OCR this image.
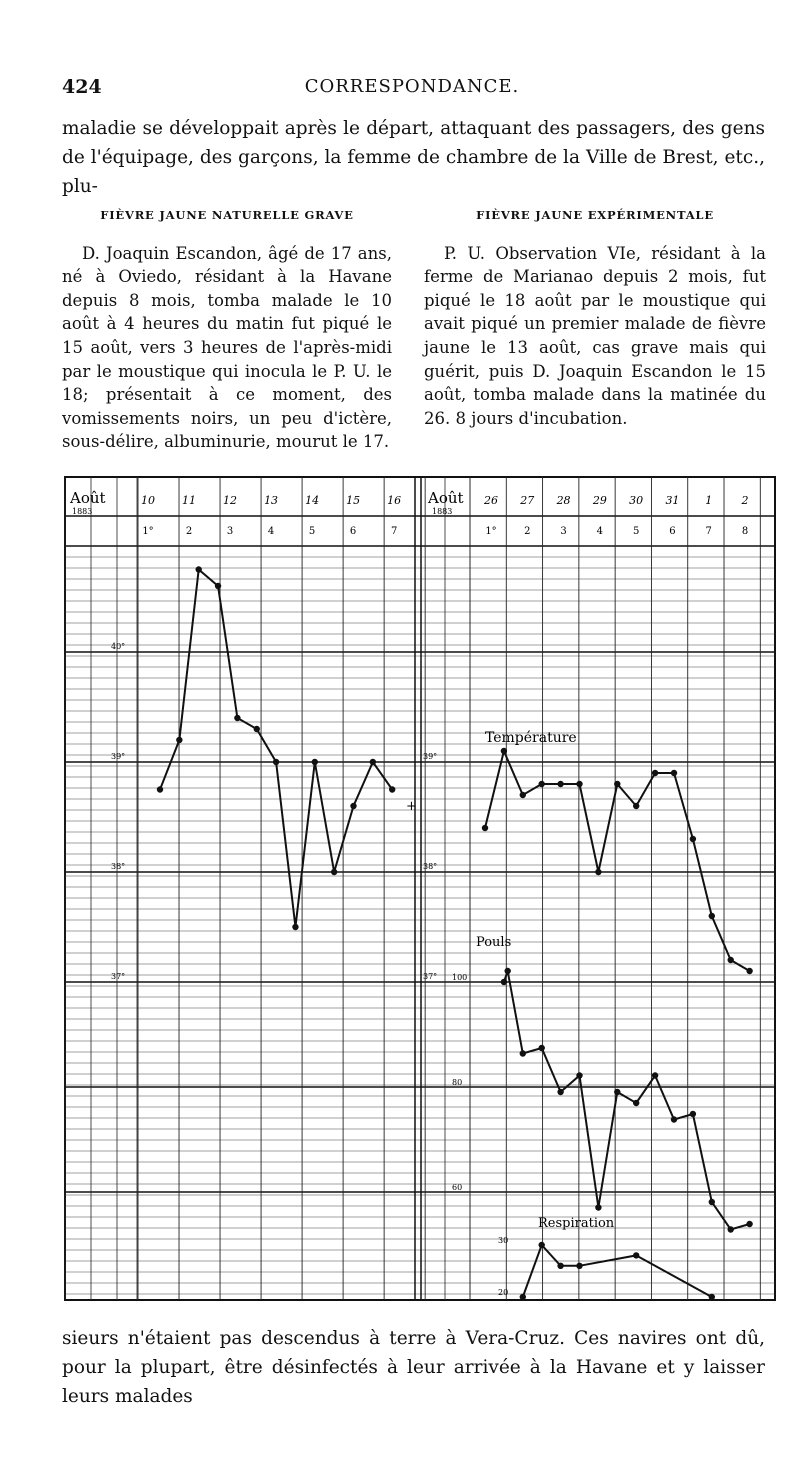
424	CORRESPONDANCE.
maladie se développait après le départ, attaquant des passagers, des gens de l'équipage, des garçons, la femme de chambre de la Ville de Brest, etc., plu-
FIÈVRE JAUNE NATURELLE GRAVE
D. Joaquin Escandon, âgé de 17 ans, né à Oviedo, résidant à la Havane depuis 8 mois, tomba malade le 10 août à 4 heures du matin fut piqué le 15 août, vers 3 heures de l'après-midi par le moustique qui inocula le P. U. le 18; présentait à ce moment, des vomissements noirs, un peu d'ictère, sous-délire, albuminurie, mourut le 17.
FIÈVRE JAUNE EXPÉRIMENTALE
P. U. Observation VIe, résidant à la ferme de Marianao depuis 2 mois, fut piqué le 18 août par le moustique qui avait piqué un premier malade de fièvre jaune le 13 août, cas grave mais qui guérit, puis D. Joaquin Escandon le 15 août, tomba malade dans la matinée du 26. 8 jours d'incubation.
Août
1883
10 11 12 13 14 15 16
1°	2	3	4	5	6	7
40°
39°
38°
37°
Août
1883
26 27 28 29 30 31 1	2
1°	2	3	4	5	6	7	8
39°
38°
37° 100
80
60
30
20
Température
Pouls
Respiration
+
sieurs n'étaient pas descendus à terre à Vera-Cruz. Ces navires ont dû, pour la plupart, être désinfectés à leur arrivée à la Havane et y laisser leurs malades
